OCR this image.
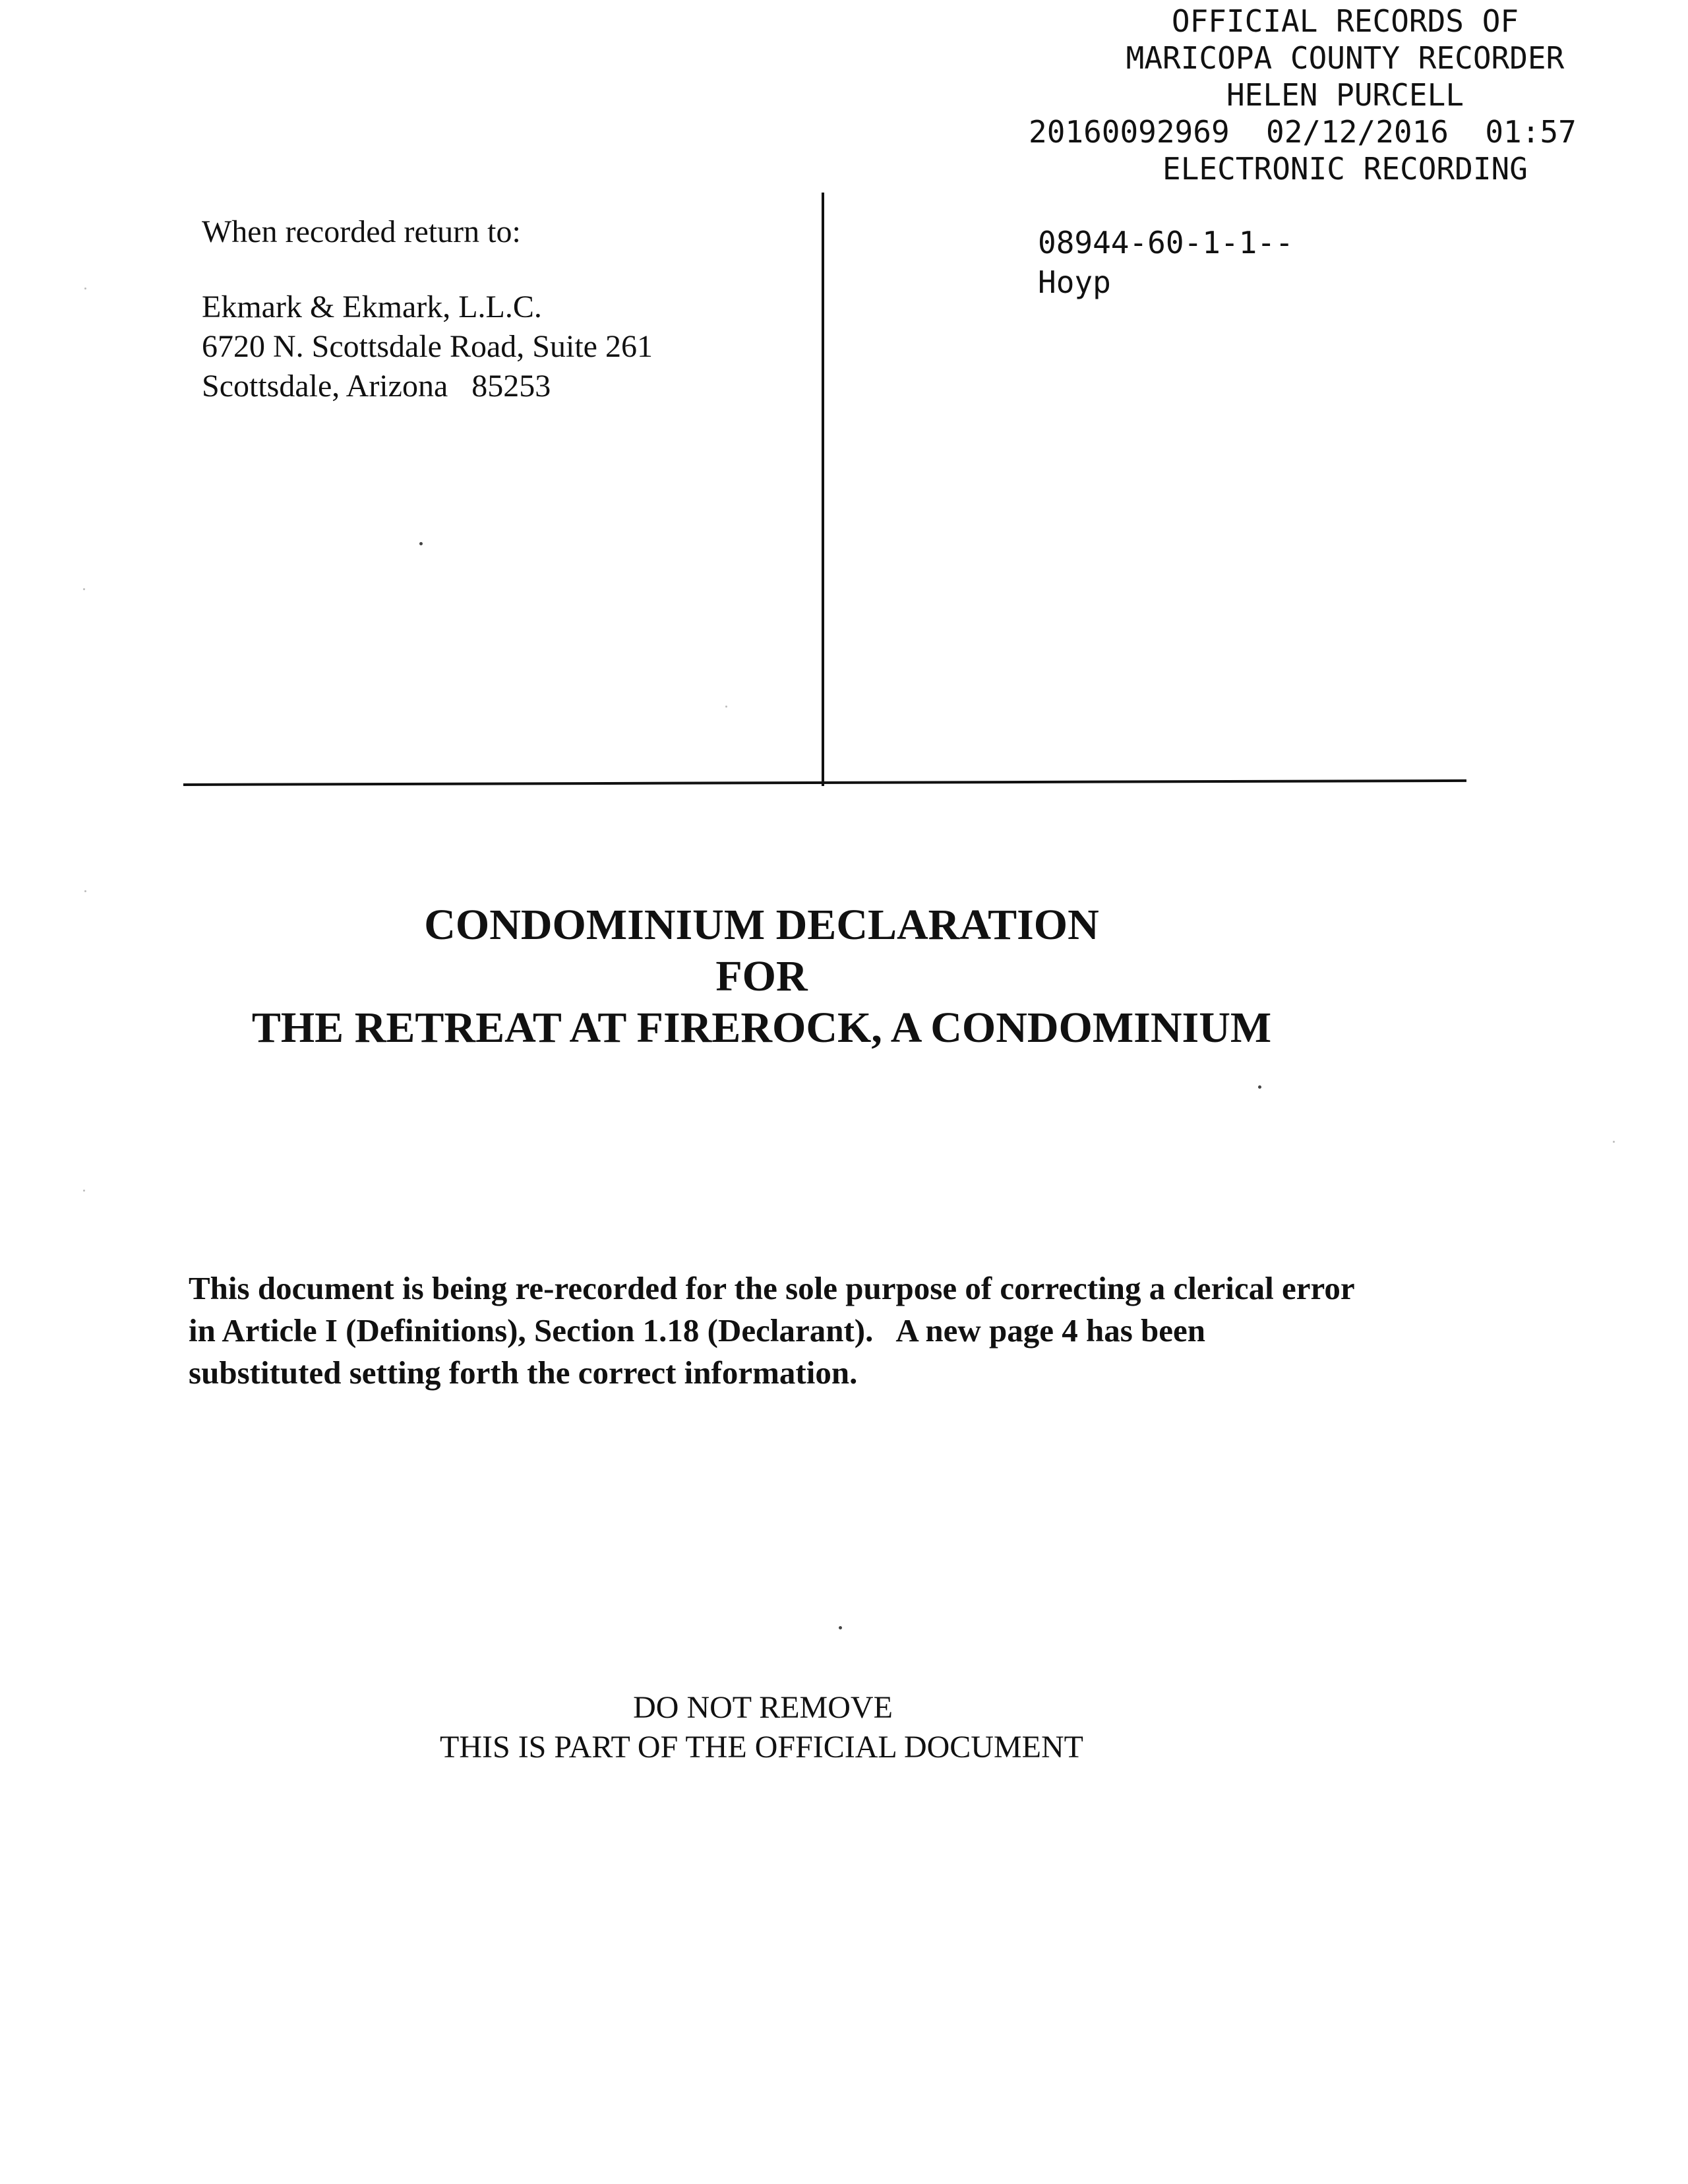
OFFICIAL RECORDS OF
MARICOPA COUNTY RECORDER
HELEN PURCELL
20160092969  02/12/2016  01:57
ELECTRONIC RECORDING
When recorded return to:
Ekmark & Ekmark, L.L.C.
6720 N. Scottsdale Road, Suite 261
Scottsdale, Arizona   85253
08944-60-1-1--
Hoyp
CONDOMINIUM DECLARATION
FOR
THE RETREAT AT FIREROCK, A CONDOMINIUM
This document is being re-recorded for the sole purpose of correcting a clerical error
in Article I (Definitions), Section 1.18 (Declarant).   A new page 4 has been
substituted setting forth the correct information.
DO NOT REMOVE
THIS IS PART OF THE OFFICIAL DOCUMENT
